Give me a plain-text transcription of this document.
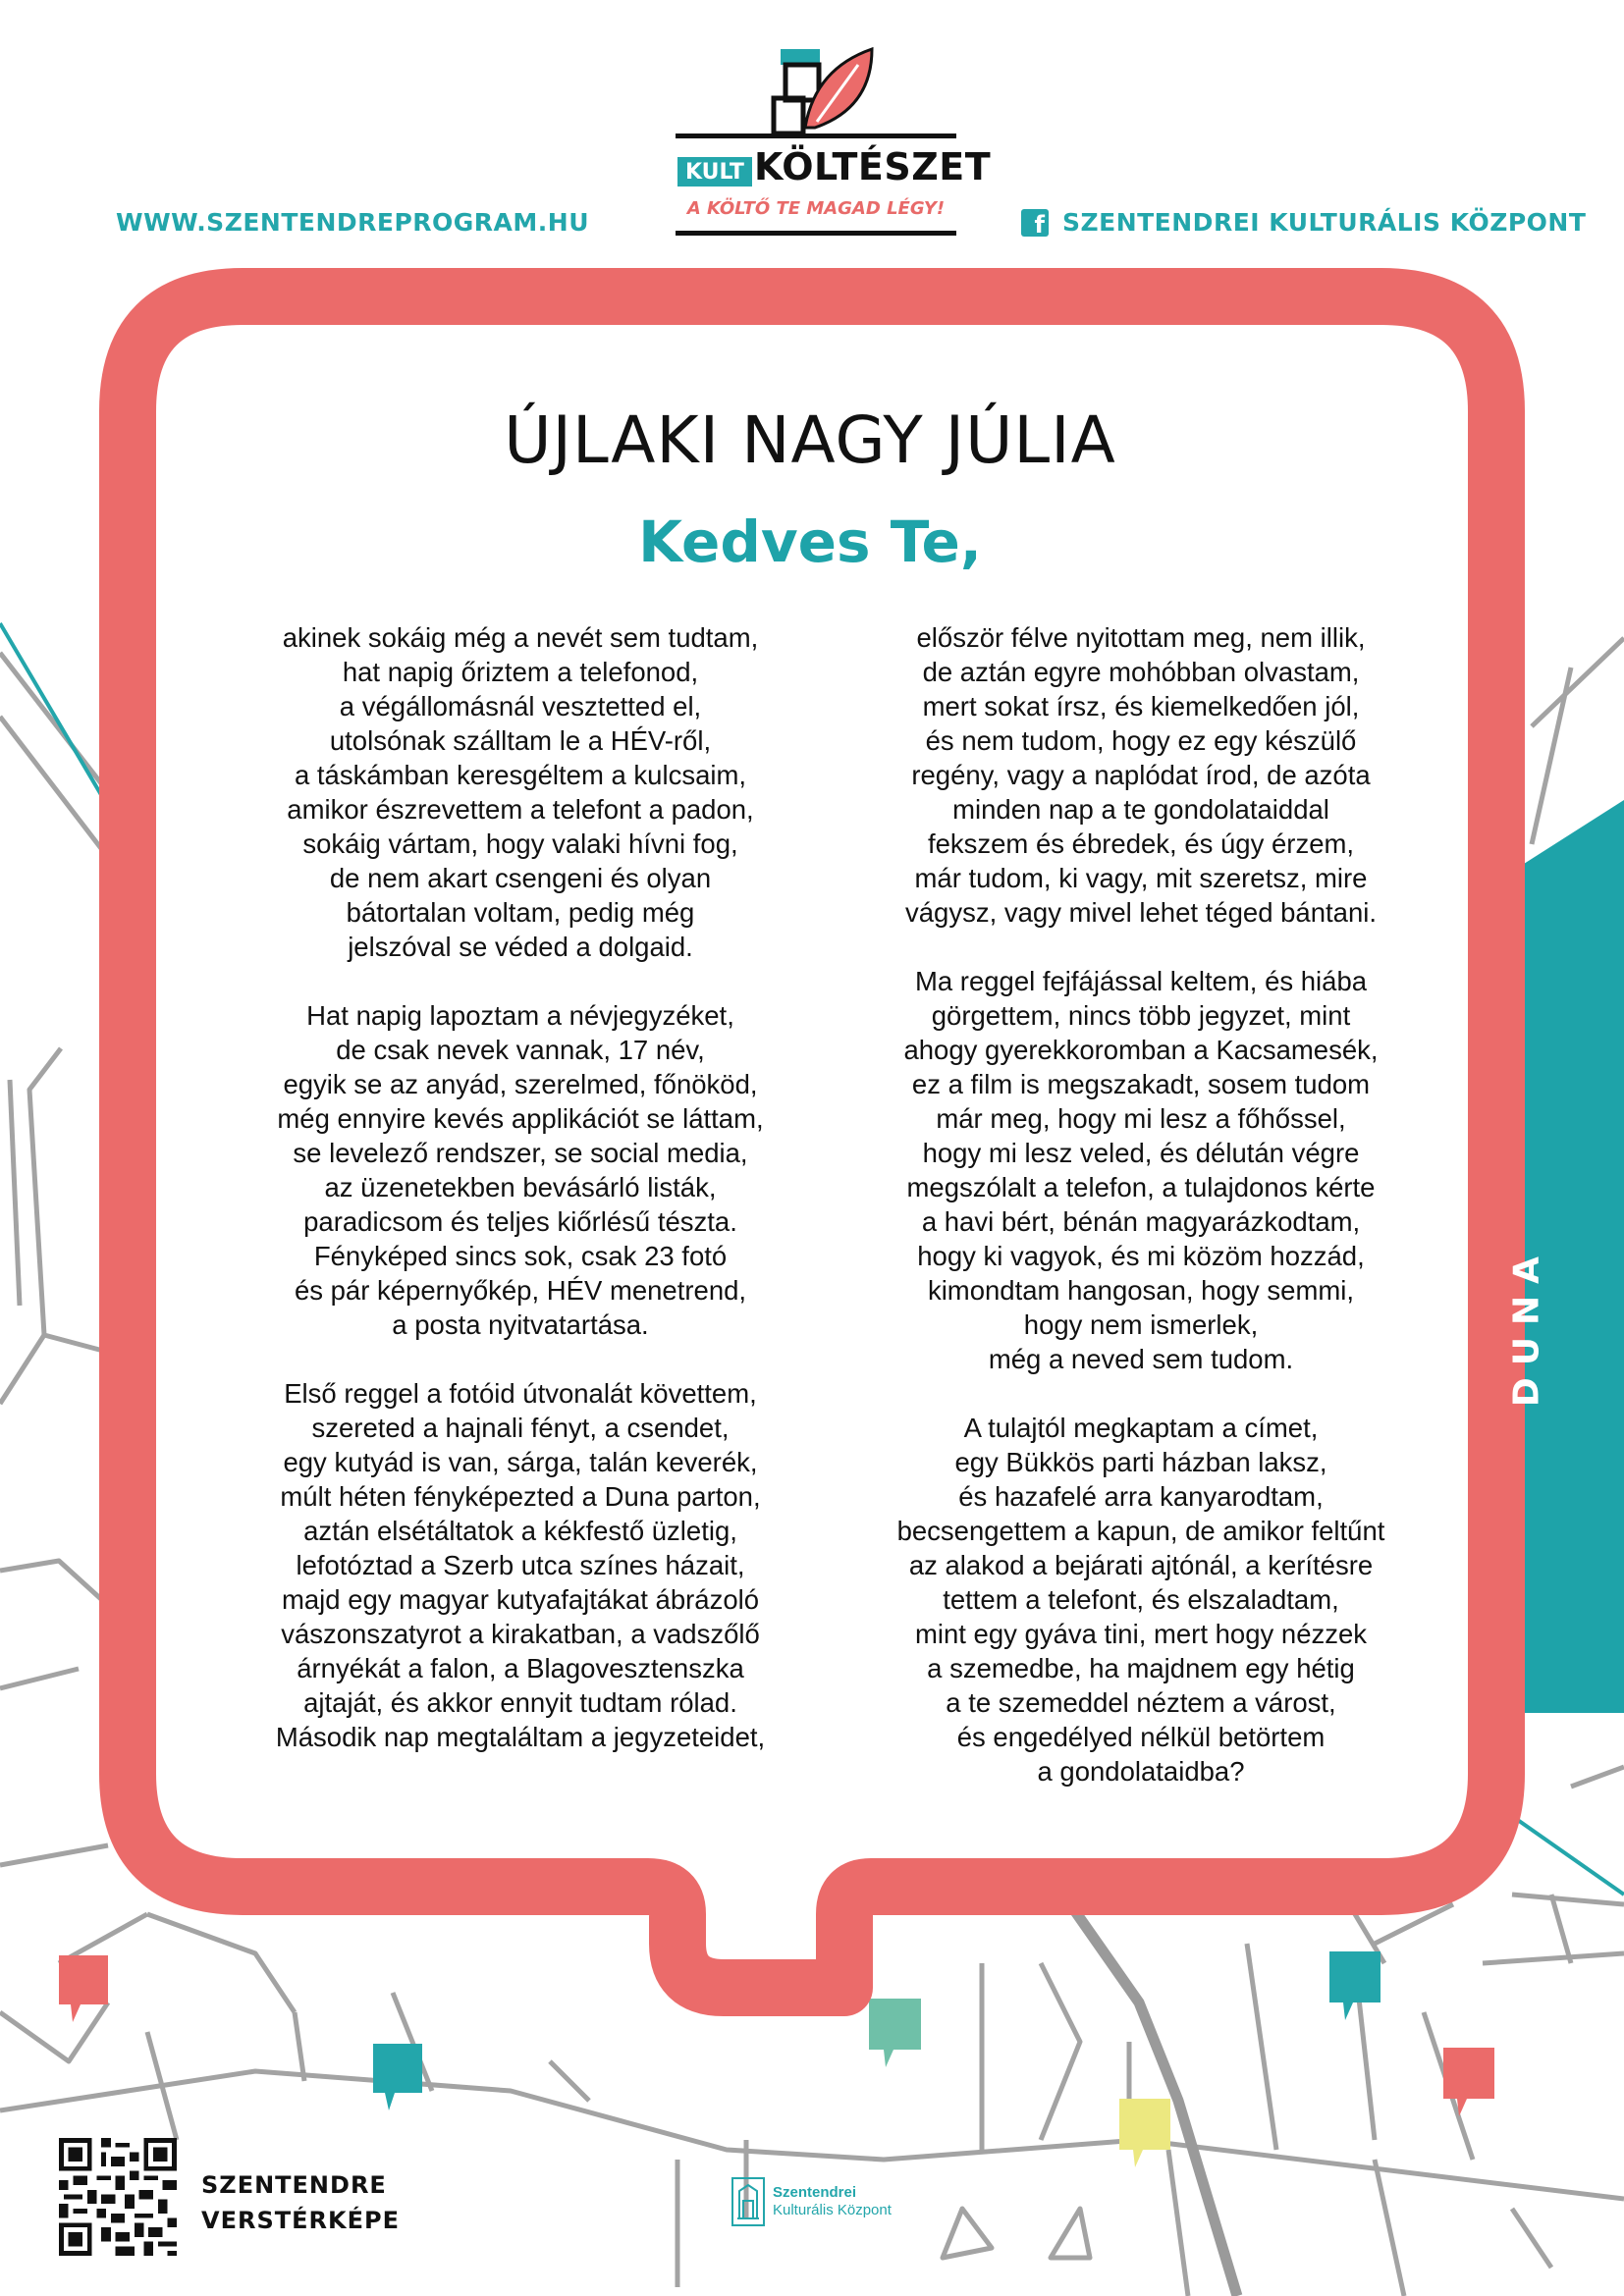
WWW.SZENTENDREPROGRAM.HU	f SZENTENDREI KULTURÁLIS KÖZPONT
KULT KÖLTÉSZET
A KÖLTŐ TE MAGAD LÉGY!
ÚJLAKI NAGY JÚLIA
Kedves Te,

akinek sokáig még a nevét sem tudtam,
hat napig őriztem a telefonod,
a végállomásnál vesztetted el,
utolsónak szálltam le a HÉV-ről,
a táskámban keresgéltem a kulcsaim,
amikor észrevettem a telefont a padon,
sokáig vártam, hogy valaki hívni fog,
de nem akart csengeni és olyan
bátortalan voltam, pedig még
jelszóval se véded a dolgaid.

Hat napig lapoztam a névjegyzéket,
de csak nevek vannak, 17 név,
egyik se az anyád, szerelmed, főnököd,
még ennyire kevés applikációt se láttam,
se levelező rendszer, se social media,
az üzenetekben bevásárló listák,
paradicsom és teljes kiőrlésű tészta.
Fényképed sincs sok, csak 23 fotó
és pár képernyőkép, HÉV menetrend,
a posta nyitvatartása.

Első reggel a fotóid útvonalát követtem,
szereted a hajnali fényt, a csendet,
egy kutyád is van, sárga, talán keverék,
múlt héten fényképezted a Duna parton,
aztán elsétáltatok a kékfestő üzletig,
lefotóztad a Szerb utca színes házait,
majd egy magyar kutyafajtákat ábrázoló
vászonszatyrot a kirakatban, a vadszőlő
árnyékát a falon, a Blagovesztenszka
ajtaját, és akkor ennyit tudtam rólad.
Második nap megtaláltam a jegyzeteidet,

először félve nyitottam meg, nem illik,
de aztán egyre mohóbban olvastam,
mert sokat írsz, és kiemelkedően jól,
és nem tudom, hogy ez egy készülő
regény, vagy a naplódat írod, de azóta
minden nap a te gondolataiddal
fekszem és ébredek, és úgy érzem,
már tudom, ki vagy, mit szeretsz, mire
vágysz, vagy mivel lehet téged bántani.

Ma reggel fejfájással keltem, és hiába
görgettem, nincs több jegyzet, mint
ahogy gyerekkoromban a Kacsamesék,
ez a film is megszakadt, sosem tudom
már meg, hogy mi lesz a főhőssel,
hogy mi lesz veled, és délután végre
megszólalt a telefon, a tulajdonos kérte
a havi bért, bénán magyarázkodtam,
hogy ki vagyok, és mi közöm hozzád,
kimondtam hangosan, hogy semmi,
hogy nem ismerlek,
még a neved sem tudom.

A tulajtól megkaptam a címet,
egy Bükkös parti házban laksz,
és hazafelé arra kanyarodtam,
becsengettem a kapun, de amikor feltűnt
az alakod a bejárati ajtónál, a kerítésre
tettem a telefont, és elszaladtam,
mint egy gyáva tini, mert hogy nézzek
a szemedbe, ha majdnem egy hétig
a te szemeddel néztem a várost,
és engedélyed nélkül betörtem
a gondolataidba?

DUNA
SZENTENDRE
VERSTÉRKÉPE
Szentendrei
Kulturális Központ
